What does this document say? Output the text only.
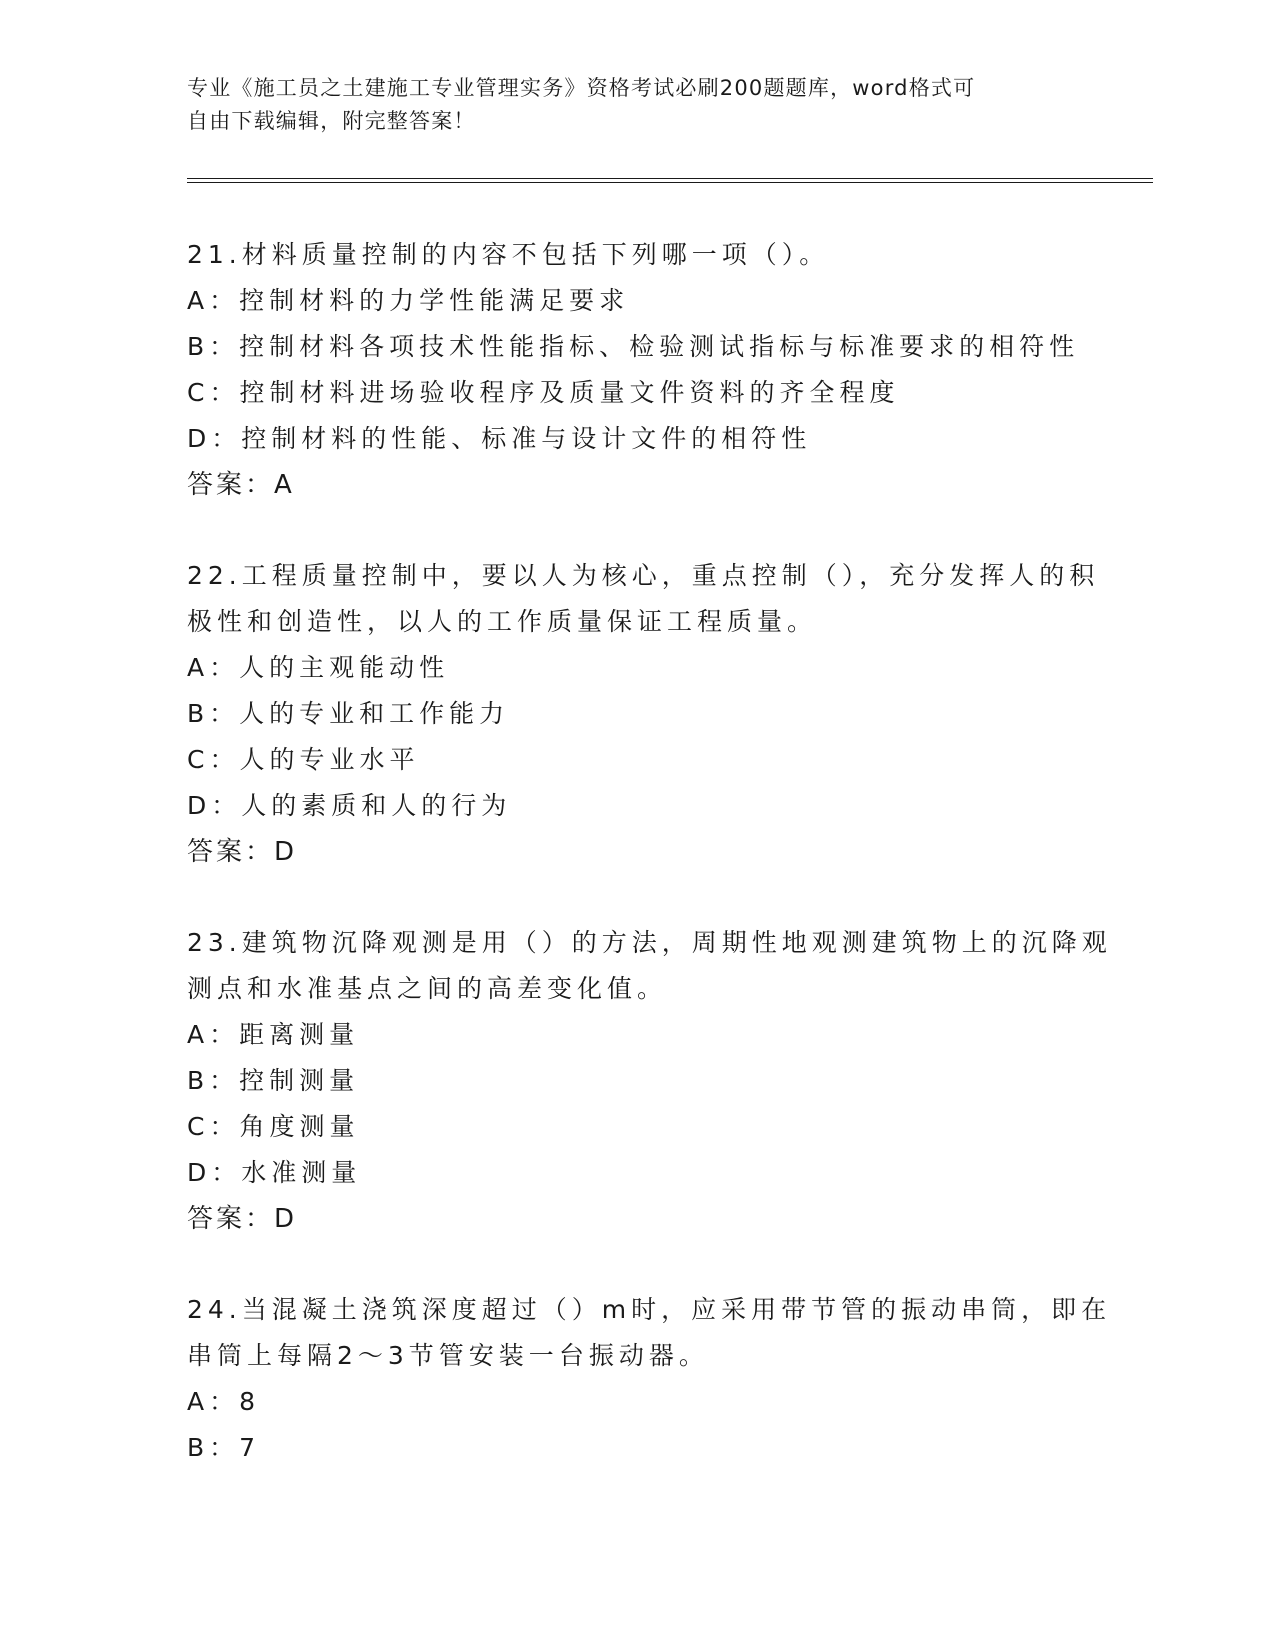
专业《施工员之土建施工专业管理实务》资格考试必刷200题题库，word格式可
自由下载编辑，附完整答案！
21.材料质量控制的内容不包括下列哪一项（）。
A：控制材料的力学性能满足要求
B：控制材料各项技术性能指标、检验测试指标与标准要求的相符性
C：控制材料进场验收程序及质量文件资料的齐全程度
D：控制材料的性能、标准与设计文件的相符性
答案：A
22.工程质量控制中，要以人为核心，重点控制（），充分发挥人的积
极性和创造性，以人的工作质量保证工程质量。
A：人的主观能动性
B：人的专业和工作能力
C：人的专业水平
D：人的素质和人的行为
答案：D
23.建筑物沉降观测是用（）的方法，周期性地观测建筑物上的沉降观
测点和水准基点之间的高差变化值。
A：距离测量
B：控制测量
C：角度测量
D：水准测量
答案：D
24.当混凝土浇筑深度超过（）m时，应采用带节管的振动串筒，即在
串筒上每隔2～3节管安装一台振动器。
A：8
B：7
